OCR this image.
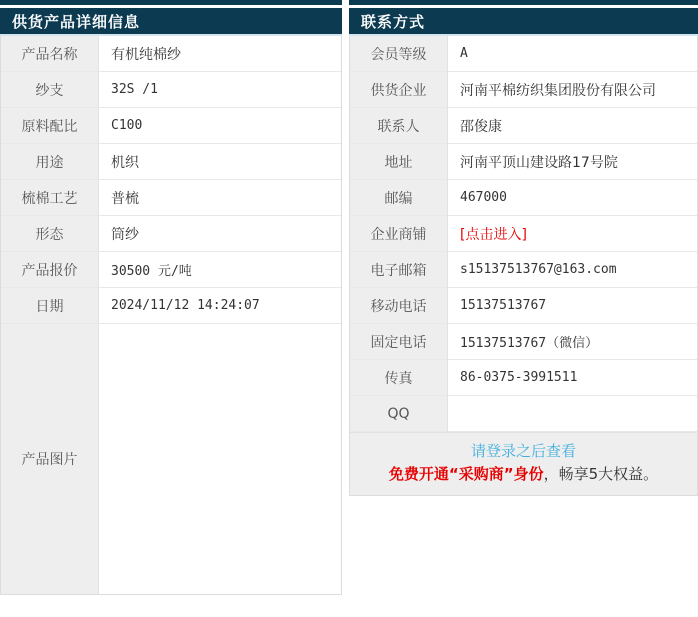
供货产品详细信息
产品名称	有机纯棉纱
纱支	32S /1
原料配比	C100
用途	机织
梳棉工艺	普梳
形态	筒纱
产品报价	30500 元/吨
日期	2024/11/12 14:24:07
产品图片
联系方式
会员等级	A
供货企业	河南平棉纺织集团股份有限公司
联系人	邵俊康
地址	河南平顶山建设路17号院
邮编	467000
企业商铺	[点击进入]
电子邮箱	s15137513767@163.com
移动电话	15137513767
固定电话	15137513767（微信）
传真	86-0375-3991511
QQ
请登录之后查看
免费开通“采购商”身份，畅享5大权益。
